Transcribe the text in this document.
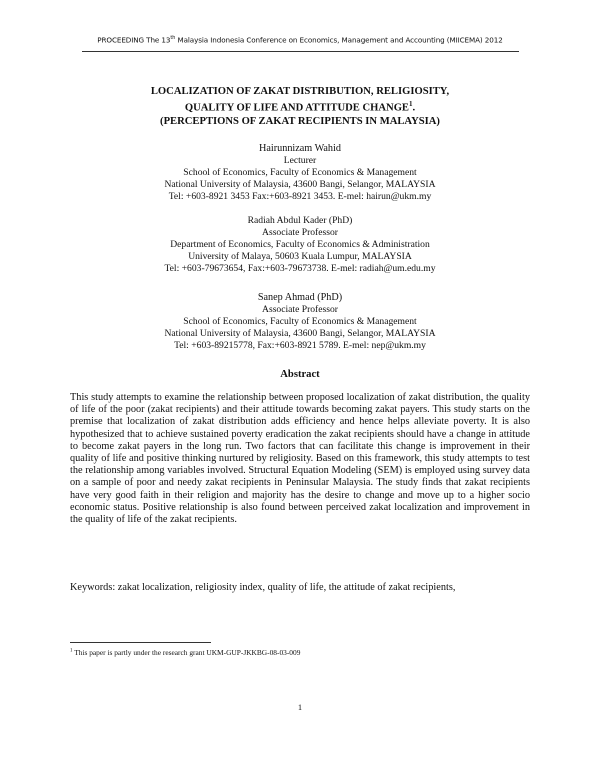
PROCEEDING The 13th Malaysia Indonesia Conference on Economics, Management and Accounting (MIICEMA) 2012
LOCALIZATION OF ZAKAT DISTRIBUTION, RELIGIOSITY,
QUALITY OF LIFE AND ATTITUDE CHANGE$^1$.
(PERCEPTIONS OF ZAKAT RECIPIENTS IN MALAYSIA)
Hairunnizam Wahid
Lecturer
School of Economics, Faculty of Economics & Management
National University of Malaysia, 43600 Bangi, Selangor, MALAYSIA
Tel: +603-8921 3453 Fax:+603-8921 3453. E-mel: hairun@ukm.my
Radiah Abdul Kader (PhD)
Associate Professor
Department of Economics, Faculty of Economics & Administration
University of Malaya, 50603 Kuala Lumpur, MALAYSIA
Tel: +603-79673654, Fax:+603-79673738. E-mel: radiah@um.edu.my
Sanep Ahmad (PhD)
Associate Professor
School of Economics, Faculty of Economics & Management
National University of Malaysia, 43600 Bangi, Selangor, MALAYSIA
Tel: +603-89215778, Fax:+603-8921 5789. E-mel: nep@ukm.my
Abstract
This study attempts to examine the relationship between proposed localization of zakat distribution, the quality of life of the poor (zakat recipients) and their attitude towards becoming zakat payers. This study starts on the premise that localization of zakat distribution adds efficiency and hence helps alleviate poverty. It is also hypothesized that to achieve sustained poverty eradication the zakat recipients should have a change in attitude to become zakat payers in the long run. Two factors that can facilitate this change is improvement in their quality of life and positive thinking nurtured by religiosity. Based on this framework, this study attempts to test the relationship among variables involved. Structural Equation Modeling (SEM) is employed using survey data on a sample of poor and needy zakat recipients in Peninsular Malaysia. The study finds that zakat recipients have very good faith in their religion and majority has the desire to change and move up to a higher socio economic status. Positive relationship is also found between perceived zakat localization and improvement in the quality of life of the zakat recipients.
Keywords: zakat localization, religiosity index, quality of life, the attitude of zakat recipients,
$^1$ This paper is partly under the research grant UKM-GUP-JKKBG-08-03-009
1
